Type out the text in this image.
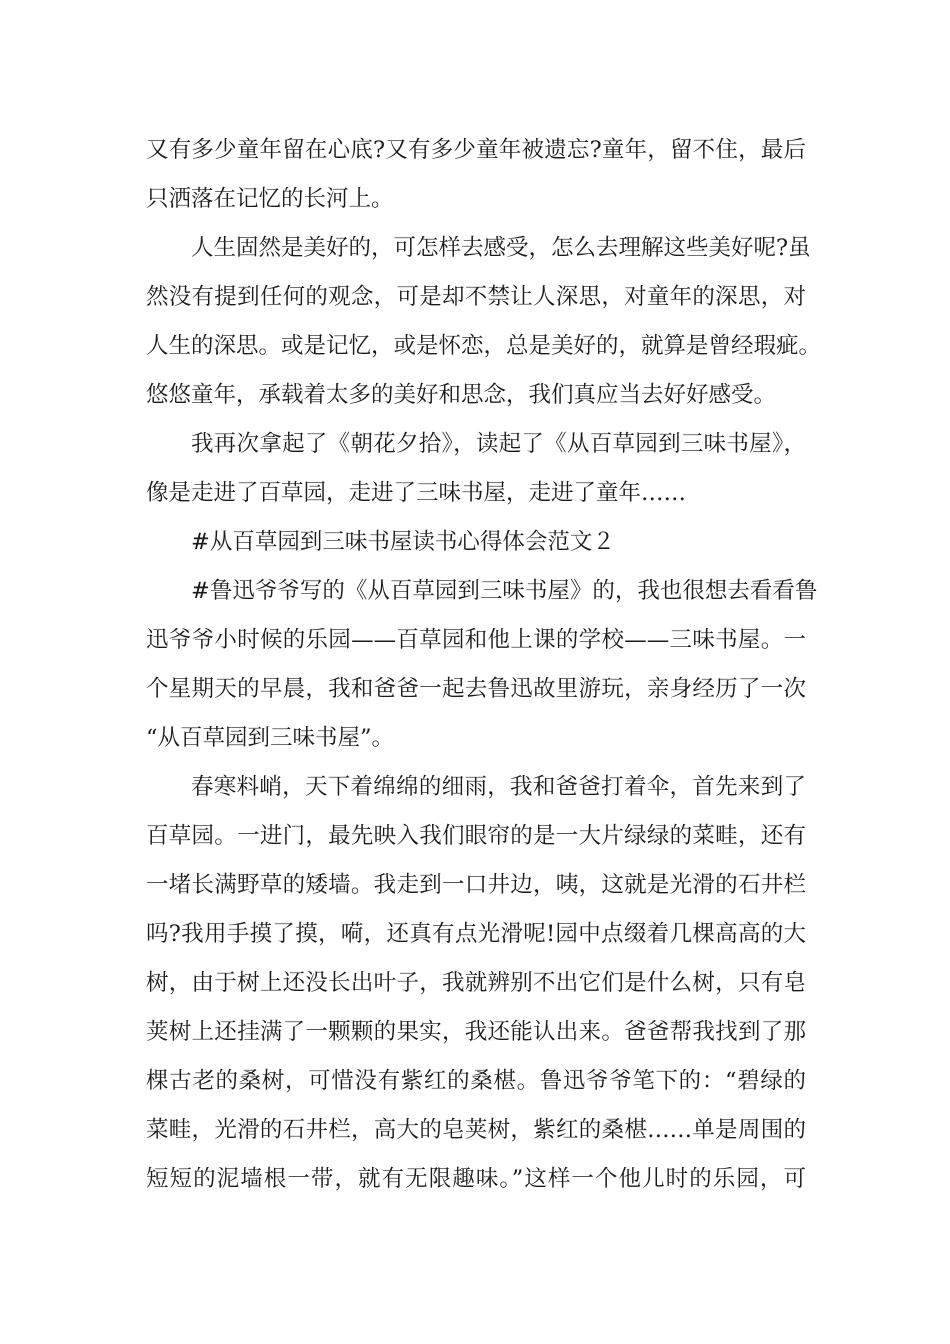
又有多少童年留在心底?又有多少童年被遗忘?童年，留不住，最后
只洒落在记忆的长河上。
人生固然是美好的，可怎样去感受，怎么去理解这些美好呢?虽
然没有提到任何的观念，可是却不禁让人深思，对童年的深思，对
人生的深思。或是记忆，或是怀恋，总是美好的，就算是曾经瑕疵。
悠悠童年，承载着太多的美好和思念，我们真应当去好好感受。
我再次拿起了《朝花夕拾》，读起了《从百草园到三味书屋》，
像是走进了百草园，走进了三味书屋，走进了童年……
#从百草园到三味书屋读书心得体会范文２
#鲁迅爷爷写的《从百草园到三味书屋》的，我也很想去看看鲁
迅爷爷小时候的乐园——百草园和他上课的学校——三味书屋。一
个星期天的早晨，我和爸爸一起去鲁迅故里游玩，亲身经历了一次
“从百草园到三味书屋”。
春寒料峭，天下着绵绵的细雨，我和爸爸打着伞，首先来到了
百草园。一进门，最先映入我们眼帘的是一大片绿绿的菜畦，还有
一堵长满野草的矮墙。我走到一口井边，咦，这就是光滑的石井栏
吗?我用手摸了摸，嗬，还真有点光滑呢!园中点缀着几棵高高的大
树，由于树上还没长出叶子，我就辨别不出它们是什么树，只有皂
荚树上还挂满了一颗颗的果实，我还能认出来。爸爸帮我找到了那
棵古老的桑树，可惜没有紫红的桑椹。鲁迅爷爷笔下的：“碧绿的
菜畦，光滑的石井栏，高大的皂荚树，紫红的桑椹……单是周围的
短短的泥墙根一带，就有无限趣味。”这样一个他儿时的乐园，可
